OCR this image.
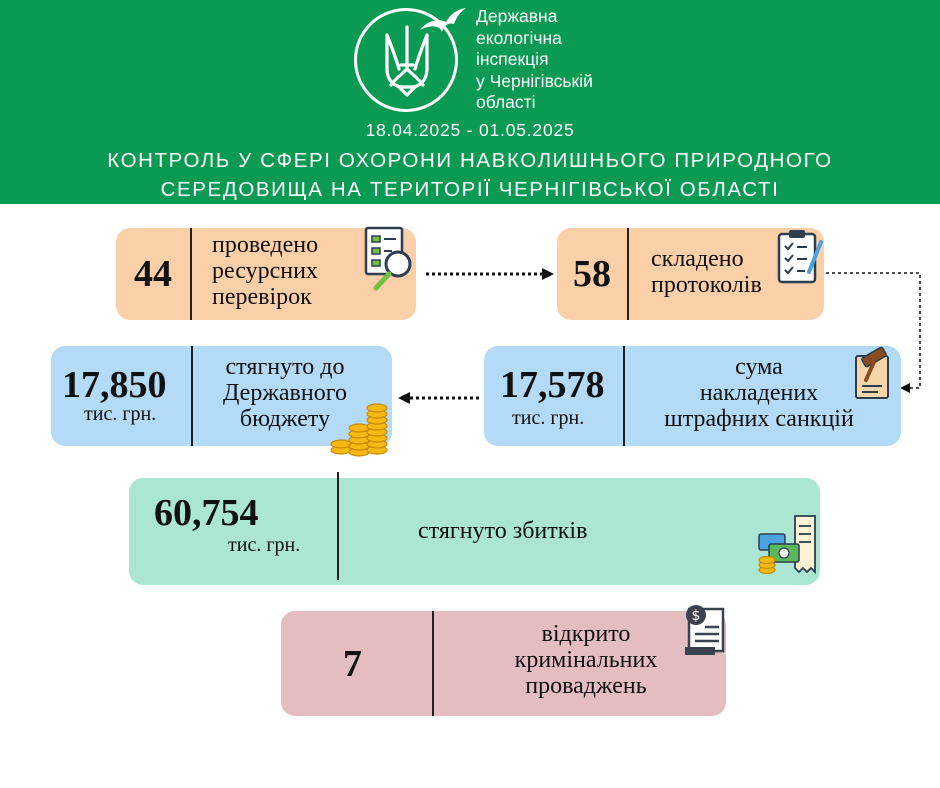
Державна
екологічна
інспекція
у Чернігівській
області

18.04.2025 - 01.05.2025

КОНТРОЛЬ У СФЕРІ ОХОРОНИ НАВКОЛИШНЬОГО ПРИРОДНОГО
СЕРЕДОВИЩА НА ТЕРИТОРІЇ ЧЕРНІГІВСЬКОЇ ОБЛАСТІ

44
проведено
ресурсних
перевірок
58 складено
протоколів
17,578
тис. грн.
сума
накладених
штрафних санкцій
17,850
тис. грн.
стягнуто до
Державного
бюджету
60,754
тис. грн.
стягнуто збитків
7
відкрито
кримінальних
проваджень
$
